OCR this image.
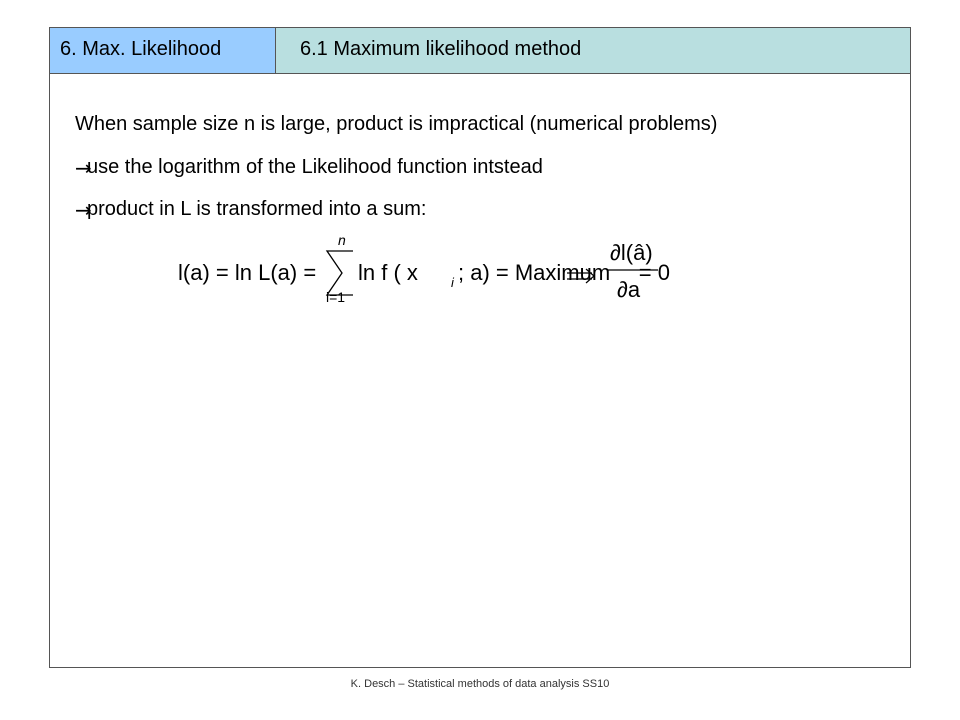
6. Max. Likelihood	6.1 Maximum likelihood method
When sample size n is large, product is impractical (numerical problems)
→
use the logarithm of the Likelihood function intstead
→
product in L is transformed into a sum:
l(a) = ln L(a) =
n
i=1
ln f ( x	i ; a) = Maximum
∂l(â)
∂a
= 0
K. Desch – Statistical methods of data analysis SS10
